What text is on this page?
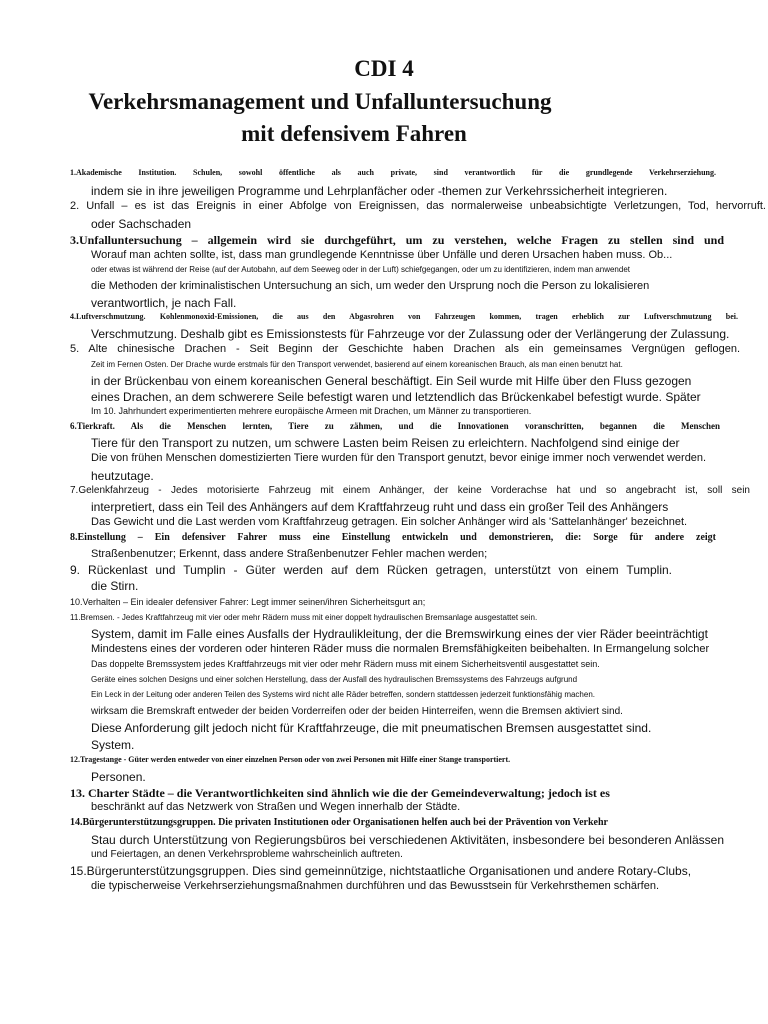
CDI 4
Verkehrsmanagement und Unfalluntersuchung
mit defensivem Fahren
1.Akademische Institution. Schulen, sowohl öffentliche als auch private, sind verantwortlich für die grundlegende Verkehrserziehung.
indem sie in ihre jeweiligen Programme und Lehrplanfächer oder -themen zur Verkehrssicherheit integrieren.
2. Unfall – es ist das Ereignis in einer Abfolge von Ereignissen, das normalerweise unbeabsichtigte Verletzungen, Tod, hervorruft.
oder Sachschaden
3.Unfalluntersuchung – allgemein wird sie durchgeführt, um zu verstehen, welche Fragen zu stellen sind und
Worauf man achten sollte, ist, dass man grundlegende Kenntnisse über Unfälle und deren Ursachen haben muss. Ob...
oder etwas ist während der Reise (auf der Autobahn, auf dem Seeweg oder in der Luft) schiefgegangen, oder um zu identifizieren, indem man anwendet
die Methoden der kriminalistischen Untersuchung an sich, um weder den Ursprung noch die Person zu lokalisieren
verantwortlich, je nach Fall.
4.Luftverschmutzung. Kohlenmonoxid-Emissionen, die aus den Abgasrohren von Fahrzeugen kommen, tragen erheblich zur Luftverschmutzung bei.
Verschmutzung. Deshalb gibt es Emissionstests für Fahrzeuge vor der Zulassung oder der Verlängerung der Zulassung.
5. Alte chinesische Drachen - Seit Beginn der Geschichte haben Drachen als ein gemeinsames Vergnügen geflogen.
Zeit im Fernen Osten. Der Drache wurde erstmals für den Transport verwendet, basierend auf einem koreanischen Brauch, als man einen benutzt hat.
in der Brückenbau von einem koreanischen General beschäftigt. Ein Seil wurde mit Hilfe über den Fluss gezogen
eines Drachen, an dem schwerere Seile befestigt waren und letztendlich das Brückenkabel befestigt wurde. Später
Im 10. Jahrhundert experimentierten mehrere europäische Armeen mit Drachen, um Männer zu transportieren.
6.Tierkraft. Als die Menschen lernten, Tiere zu zähmen, und die Innovationen voranschritten, begannen die Menschen
Tiere für den Transport zu nutzen, um schwere Lasten beim Reisen zu erleichtern. Nachfolgend sind einige der
Die von frühen Menschen domestizierten Tiere wurden für den Transport genutzt, bevor einige immer noch verwendet werden.
heutzutage.
7.Gelenkfahrzeug - Jedes motorisierte Fahrzeug mit einem Anhänger, der keine Vorderachse hat und so angebracht ist, soll sein
interpretiert, dass ein Teil des Anhängers auf dem Kraftfahrzeug ruht und dass ein großer Teil des Anhängers
Das Gewicht und die Last werden vom Kraftfahrzeug getragen. Ein solcher Anhänger wird als 'Sattelanhänger' bezeichnet.
8.Einstellung – Ein defensiver Fahrer muss eine Einstellung entwickeln und demonstrieren, die: Sorge für andere zeigt
Straßenbenutzer; Erkennt, dass andere Straßenbenutzer Fehler machen werden;
9. Rückenlast und Tumplin - Güter werden auf dem Rücken getragen, unterstützt von einem Tumplin.
die Stirn.
10.Verhalten – Ein idealer defensiver Fahrer: Legt immer seinen/ihren Sicherheitsgurt an;
11.Bremsen. - Jedes Kraftfahrzeug mit vier oder mehr Rädern muss mit einer doppelt hydraulischen Bremsanlage ausgestattet sein.
System, damit im Falle eines Ausfalls der Hydraulikleitung, der die Bremswirkung eines der vier Räder beeinträchtigt
Mindestens eines der vorderen oder hinteren Räder muss die normalen Bremsfähigkeiten beibehalten. In Ermangelung solcher
Das doppelte Bremssystem jedes Kraftfahrzeugs mit vier oder mehr Rädern muss mit einem Sicherheitsventil ausgestattet sein.
Geräte eines solchen Designs und einer solchen Herstellung, dass der Ausfall des hydraulischen Bremssystems des Fahrzeugs aufgrund
Ein Leck in der Leitung oder anderen Teilen des Systems wird nicht alle Räder betreffen, sondern stattdessen jederzeit funktionsfähig machen.
wirksam die Bremskraft entweder der beiden Vorderreifen oder der beiden Hinterreifen, wenn die Bremsen aktiviert sind.
Diese Anforderung gilt jedoch nicht für Kraftfahrzeuge, die mit pneumatischen Bremsen ausgestattet sind.
System.
12.Tragestange - Güter werden entweder von einer einzelnen Person oder von zwei Personen mit Hilfe einer Stange transportiert.
Personen.
13. Charter Städte – die Verantwortlichkeiten sind ähnlich wie die der Gemeindeverwaltung; jedoch ist es
beschränkt auf das Netzwerk von Straßen und Wegen innerhalb der Städte.
14.Bürgerunterstützungsgruppen. Die privaten Institutionen oder Organisationen helfen auch bei der Prävention von Verkehr
Stau durch Unterstützung von Regierungsbüros bei verschiedenen Aktivitäten, insbesondere bei besonderen Anlässen
und Feiertagen, an denen Verkehrsprobleme wahrscheinlich auftreten.
15.Bürgerunterstützungsgruppen. Dies sind gemeinnützige, nichtstaatliche Organisationen und andere Rotary-Clubs,
die typischerweise Verkehrserziehungsmaßnahmen durchführen und das Bewusstsein für Verkehrsthemen schärfen.
